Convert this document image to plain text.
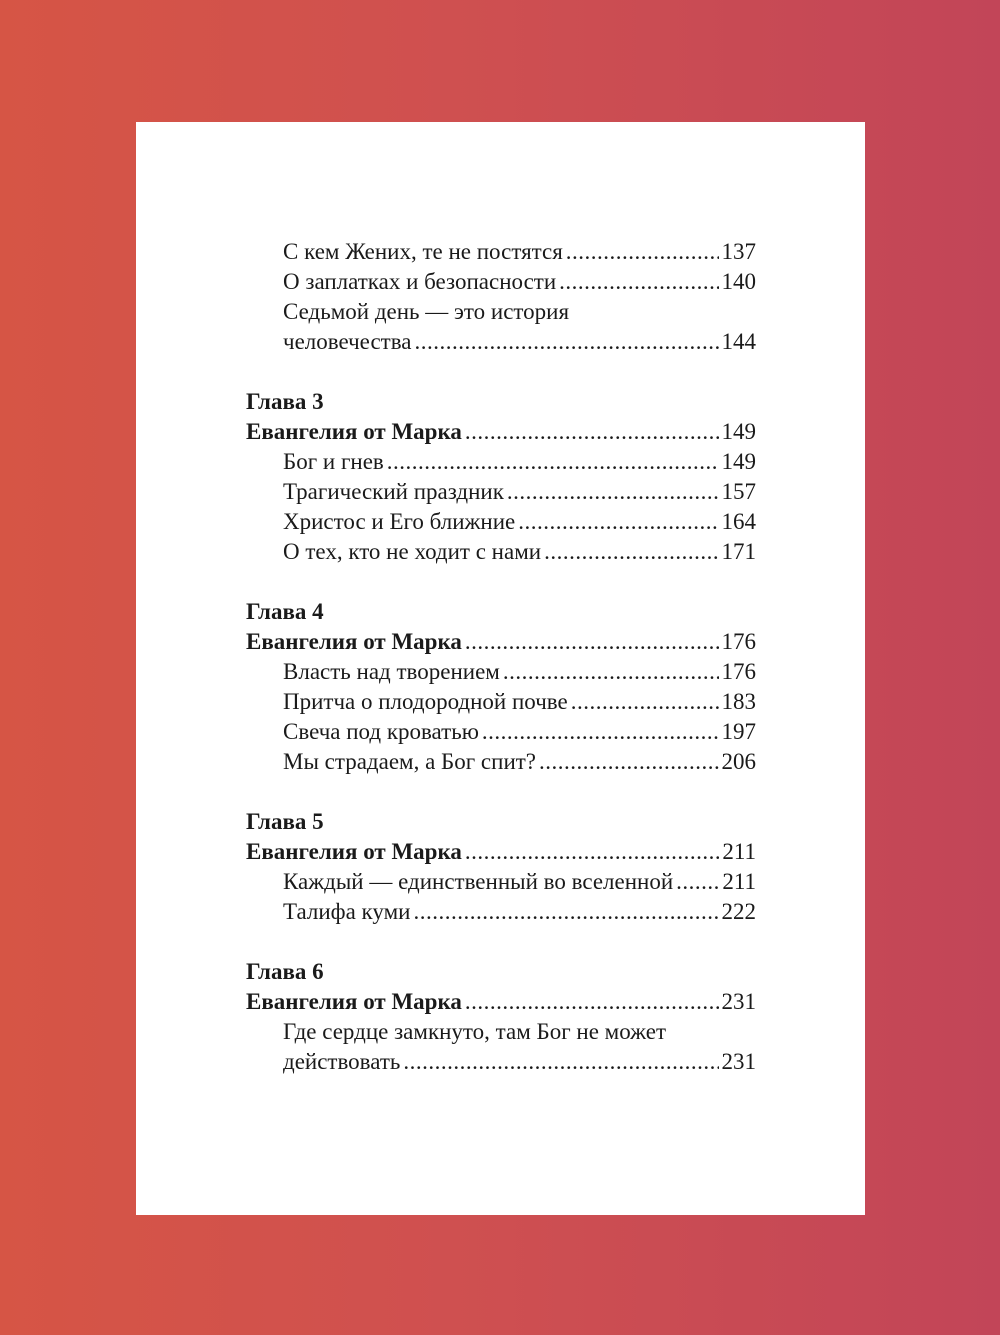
С кем Жених, те не постятся .....	137
О заплатках и безопасности .....	140
Седьмой день — это история
человечества .....	144
Глава 3
Евангелия от Марка .....	149
Бог и гнев .....	149
Трагический праздник .....	157
Христос и Его ближние .....	164
О тех, кто не ходит с нами .....	171
Глава 4
Евангелия от Марка .....	176
Власть над творением .....	176
Притча о плодородной почве .....	183
Свеча под кроватью .....	197
Мы страдаем, а Бог спит? .....	206
Глава 5
Евангелия от Марка .....	211
Каждый — единственный во вселенной ..... 211
Талифа куми .....	222
Глава 6
Евангелия от Марка .....	231
Где сердце замкнуто, там Бог не может
действовать .....	231
